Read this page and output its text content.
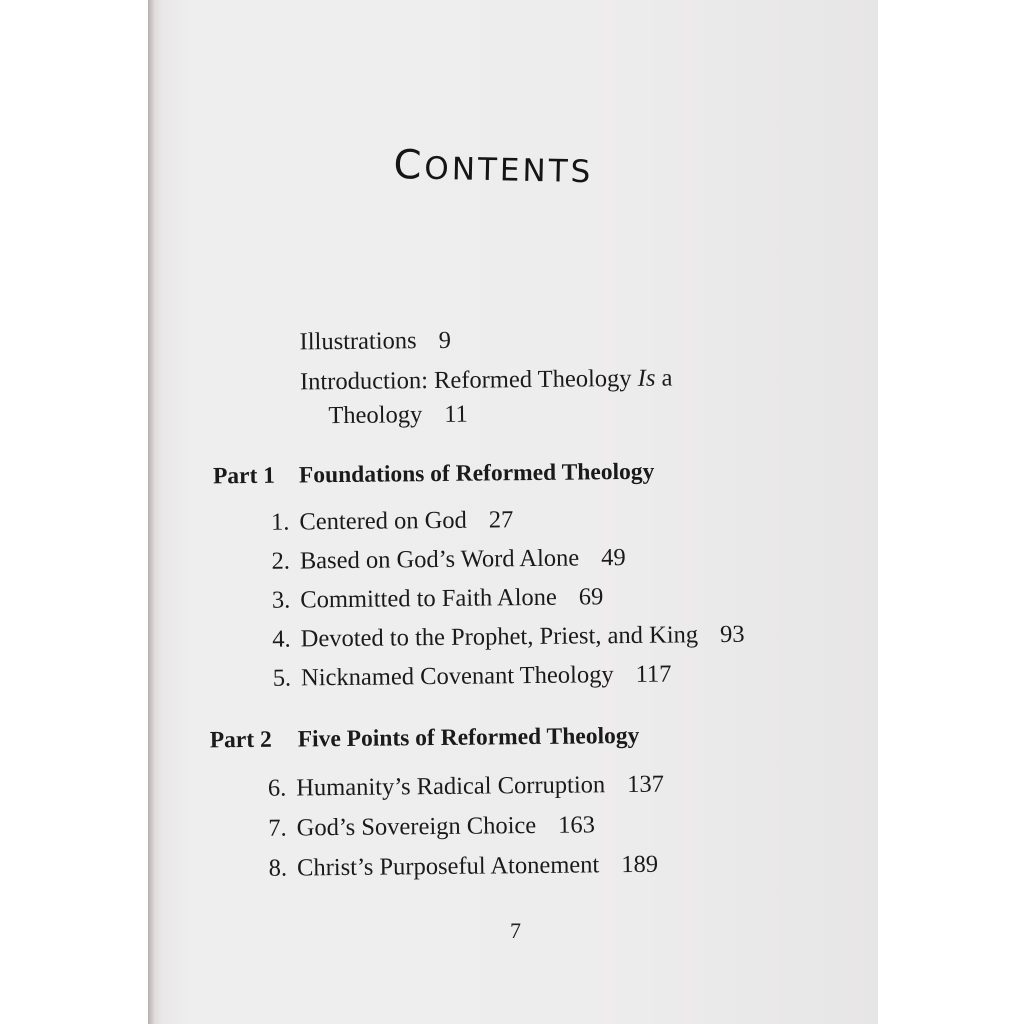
CONTENTS
Illustrations 9
Introduction: Reformed Theology Is a
Theology 11
Part 1 Foundations of Reformed Theology
1. Centered on God 27
2. Based on God’s Word Alone 49
3. Committed to Faith Alone 69
4. Devoted to the Prophet, Priest, and King 93
5. Nicknamed Covenant Theology 117
Part 2 Five Points of Reformed Theology
6. Humanity’s Radical Corruption 137
7. God’s Sovereign Choice 163
8. Christ’s Purposeful Atonement 189
7
